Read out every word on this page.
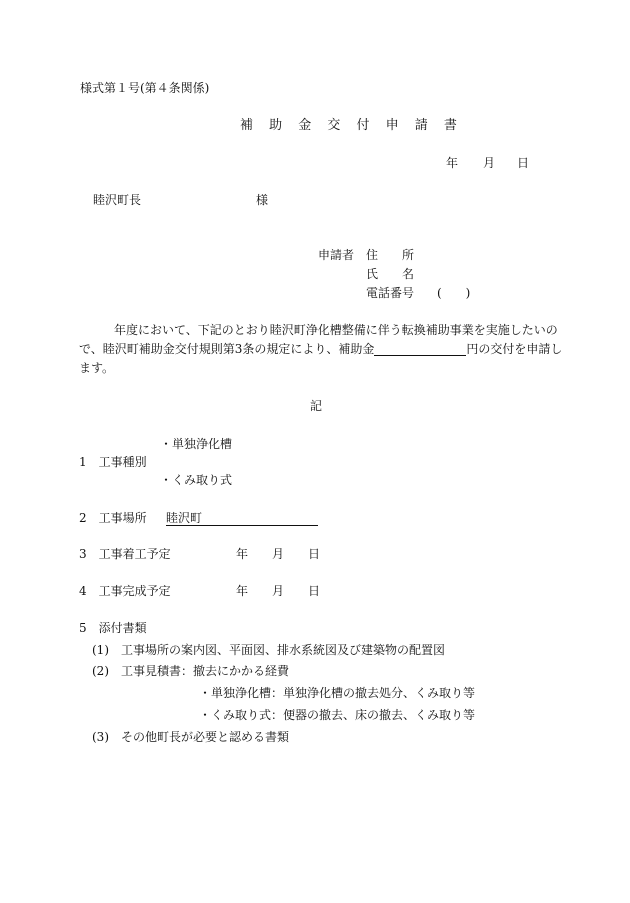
様式第１号(第４条関係)
補 助 金 交 付 申 請 書
年 月 日
睦沢町長	様
申請者 住　　所
氏　　名
電話番号 (　　)
年度において、下記のとおり睦沢町浄化槽整備に伴う転換補助事業を実施したいの
で、睦沢町補助金交付規則第3条の規定により、補助金	円の交付を申請し
ます。
記
・単独浄化槽
1　工事種別
・くみ取り式
2　工事場所 睦沢町
3　工事着工予定	年 月 日
4　工事完成予定	年 月 日
5　添付書類
(1)　工事場所の案内図、平面図、排水系統図及び建築物の配置図
(2)　工事見積書：撤去にかかる経費
・単独浄化槽：単独浄化槽の撤去処分、くみ取り等
・くみ取り式：便器の撤去、床の撤去、くみ取り等
(3)　その他町長が必要と認める書類
